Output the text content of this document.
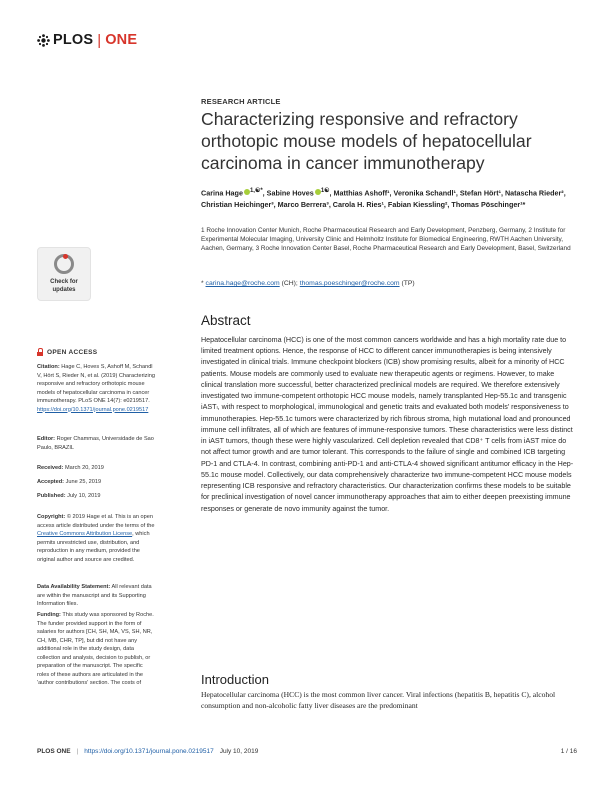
PLOS | ONE
RESEARCH ARTICLE
Characterizing responsive and refractory orthotopic mouse models of hepatocellular carcinoma in cancer immunotherapy
Carina Hage $^{1,☯*}$, Sabine Hoves $^{1☯}$, Matthias Ashoff¹, Veronika Schandl¹, Stefan Hört¹, Natascha Rieder², Christian Heichinger³, Marco Berrera³, Carola H. Ries¹, Fabian Kiessling², Thomas Pöschinger¹*
1 Roche Innovation Center Munich, Roche Pharmaceutical Research and Early Development, Penzberg, Germany, 2 Institute for Experimental Molecular Imaging, University Clinic and Helmholtz Institute for Biomedical Engineering, RWTH Aachen University, Aachen, Germany, 3 Roche Innovation Center Basel, Roche Pharmaceutical Research and Early Development, Basel, Switzerland
* carina.hage@roche.com (CH); thomas.poeschinger@roche.com (TP)
Check for
updates
OPEN ACCESS
Citation: Hage C, Hoves S, Ashoff M, Schandl V, Hört S, Rieder N, et al. (2019) Characterizing responsive and refractory orthotopic mouse models of hepatocellular carcinoma in cancer immunotherapy. PLoS ONE 14(7): e0219517. https://doi.org/10.1371/journal.pone.0219517
Editor: Roger Chammas, Universidade de Sao Paulo, BRAZIL
Received: March 20, 2019
Accepted: June 25, 2019
Published: July 10, 2019
Copyright: © 2019 Hage et al. This is an open access article distributed under the terms of the Creative Commons Attribution License, which permits unrestricted use, distribution, and reproduction in any medium, provided the original author and source are credited.
Data Availability Statement: All relevant data are within the manuscript and its Supporting Information files.
Funding: This study was sponsored by Roche. The funder provided support in the form of salaries for authors [CH, SH, MA, VS, SH, NR, CH, MB, CHR, TP], but did not have any additional role in the study design, data collection and analysis, decision to publish, or preparation of the manuscript. The specific roles of these authors are articulated in the 'author contributions' section. The costs of
Abstract
Hepatocellular carcinoma (HCC) is one of the most common cancers worldwide and has a high mortality rate due to limited treatment options. Hence, the response of HCC to different cancer immunotherapies is being intensively investigated in clinical trials. Immune checkpoint blockers (ICB) show promising results, albeit for a minority of HCC patients. Mouse models are commonly used to evaluate new therapeutic agents or regimens. However, to make clinical translation more successful, better characterized preclinical models are required. We therefore extensively investigated two immune-competent orthotopic HCC mouse models, namely transplanted Hep-55.1c and transgenic iASTₗ, with respect to morphological, immunological and genetic traits and evaluated both models' responsiveness to immunotherapies. Hep-55.1c tumors were characterized by rich fibrous stroma, high mutational load and pronounced immune cell infiltrates, all of which are features of immune-responsive tumors. These characteristics were less distinct in iAST tumors, though these were highly vascularized. Cell depletion revealed that CD8⁺ T cells from iAST mice do not affect tumor growth and are tumor tolerant. This corresponds to the failure of single and combined ICB targeting PD-1 and CTLA-4. In contrast, combining anti-PD-1 and anti-CTLA-4 showed significant antitumor efficacy in the Hep-55.1c mouse model. Collectively, our data comprehensively characterize two immune-competent HCC mouse models representing ICB responsive and refractory characteristics. Our characterization confirms these models to be suitable for preclinical investigation of novel cancer immunotherapy approaches that aim to either deepen preexisting immune responses or generate de novo immunity against the tumor.
Introduction
Hepatocellular carcinoma (HCC) is the most common liver cancer. Viral infections (hepatitis B, hepatitis C), alcohol consumption and non-alcoholic fatty liver diseases are the predominant
PLOS ONE | https://doi.org/10.1371/journal.pone.0219517 July 10, 2019	1 / 16
